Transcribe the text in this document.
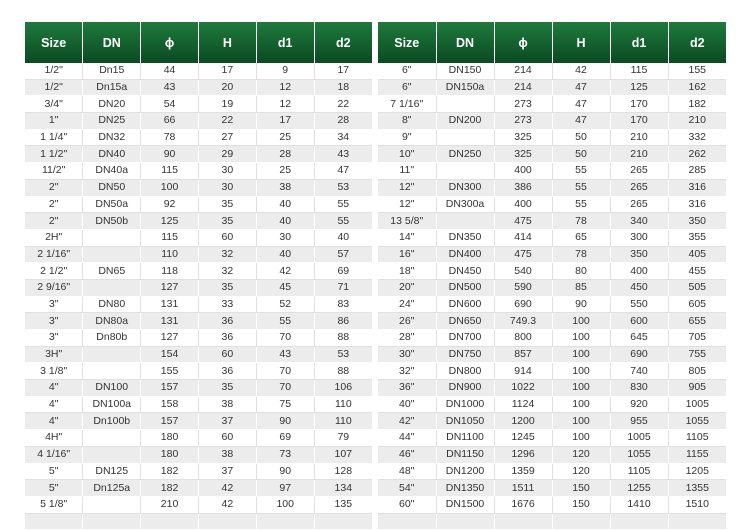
Size	DN	ϕ	H	d1	d2
1/2"	Dn15	44	17	9	17
1/2"	Dn15a	43	20	12	18
3/4"	DN20	54	19	12	22
1"	DN25	66	22	17	28
1 1/4"	DN32	78	27	25	34
1 1/2"	DN40	90	29	28	43
11/2"	DN40a	115	30	25	47
2"	DN50	100	30	38	53
2"	DN50a	92	35	40	55
2"	DN50b	125	35	40	55
2H"		115	60	30	40
2 1/16"		110	32	40	57
2 1/2"	DN65	118	32	42	69
2 9/16"		127	35	45	71
3"	DN80	131	33	52	83
3"	DN80a	131	36	55	86
3"	Dn80b	127	36	70	88
3H"		154	60	43	53
3 1/8"		155	36	70	88
4"	DN100	157	35	70	106
4"	DN100a	158	38	75	110
4"	Dn100b	157	37	90	110
4H"		180	60	69	79
4 1/16"		180	38	73	107
5"	DN125	182	37	90	128
5"	Dn125a	182	42	97	134
5 1/8"		210	42	100	135

Size	DN	ϕ	H	d1	d2
6"	DN150	214	42	115	155
6"	DN150a	214	47	125	162
7 1/16"		273	47	170	182
8"	DN200	273	47	170	210
9"		325	50	210	332
10"	DN250	325	50	210	262
11"		400	55	265	285
12"	DN300	386	55	265	316
12"	DN300a	400	55	265	316
13 5/8"		475	78	340	350
14"	DN350	414	65	300	355
16"	DN400	475	78	350	405
18"	DN450	540	80	400	455
20"	DN500	590	85	450	505
24"	DN600	690	90	550	605
26"	DN650	749.3	100	600	655
28"	DN700	800	100	645	705
30"	DN750	857	100	690	755
32"	DN800	914	100	740	805
36"	DN900	1022	100	830	905
40"	DN1000	1124	100	920	1005
42"	DN1050	1200	100	955	1055
44"	DN1100	1245	100	1005	1105
46"	DN1150	1296	120	1055	1155
48"	DN1200	1359	120	1105	1205
54"	DN1350	1511	150	1255	1355
60"	DN1500	1676	150	1410	1510
